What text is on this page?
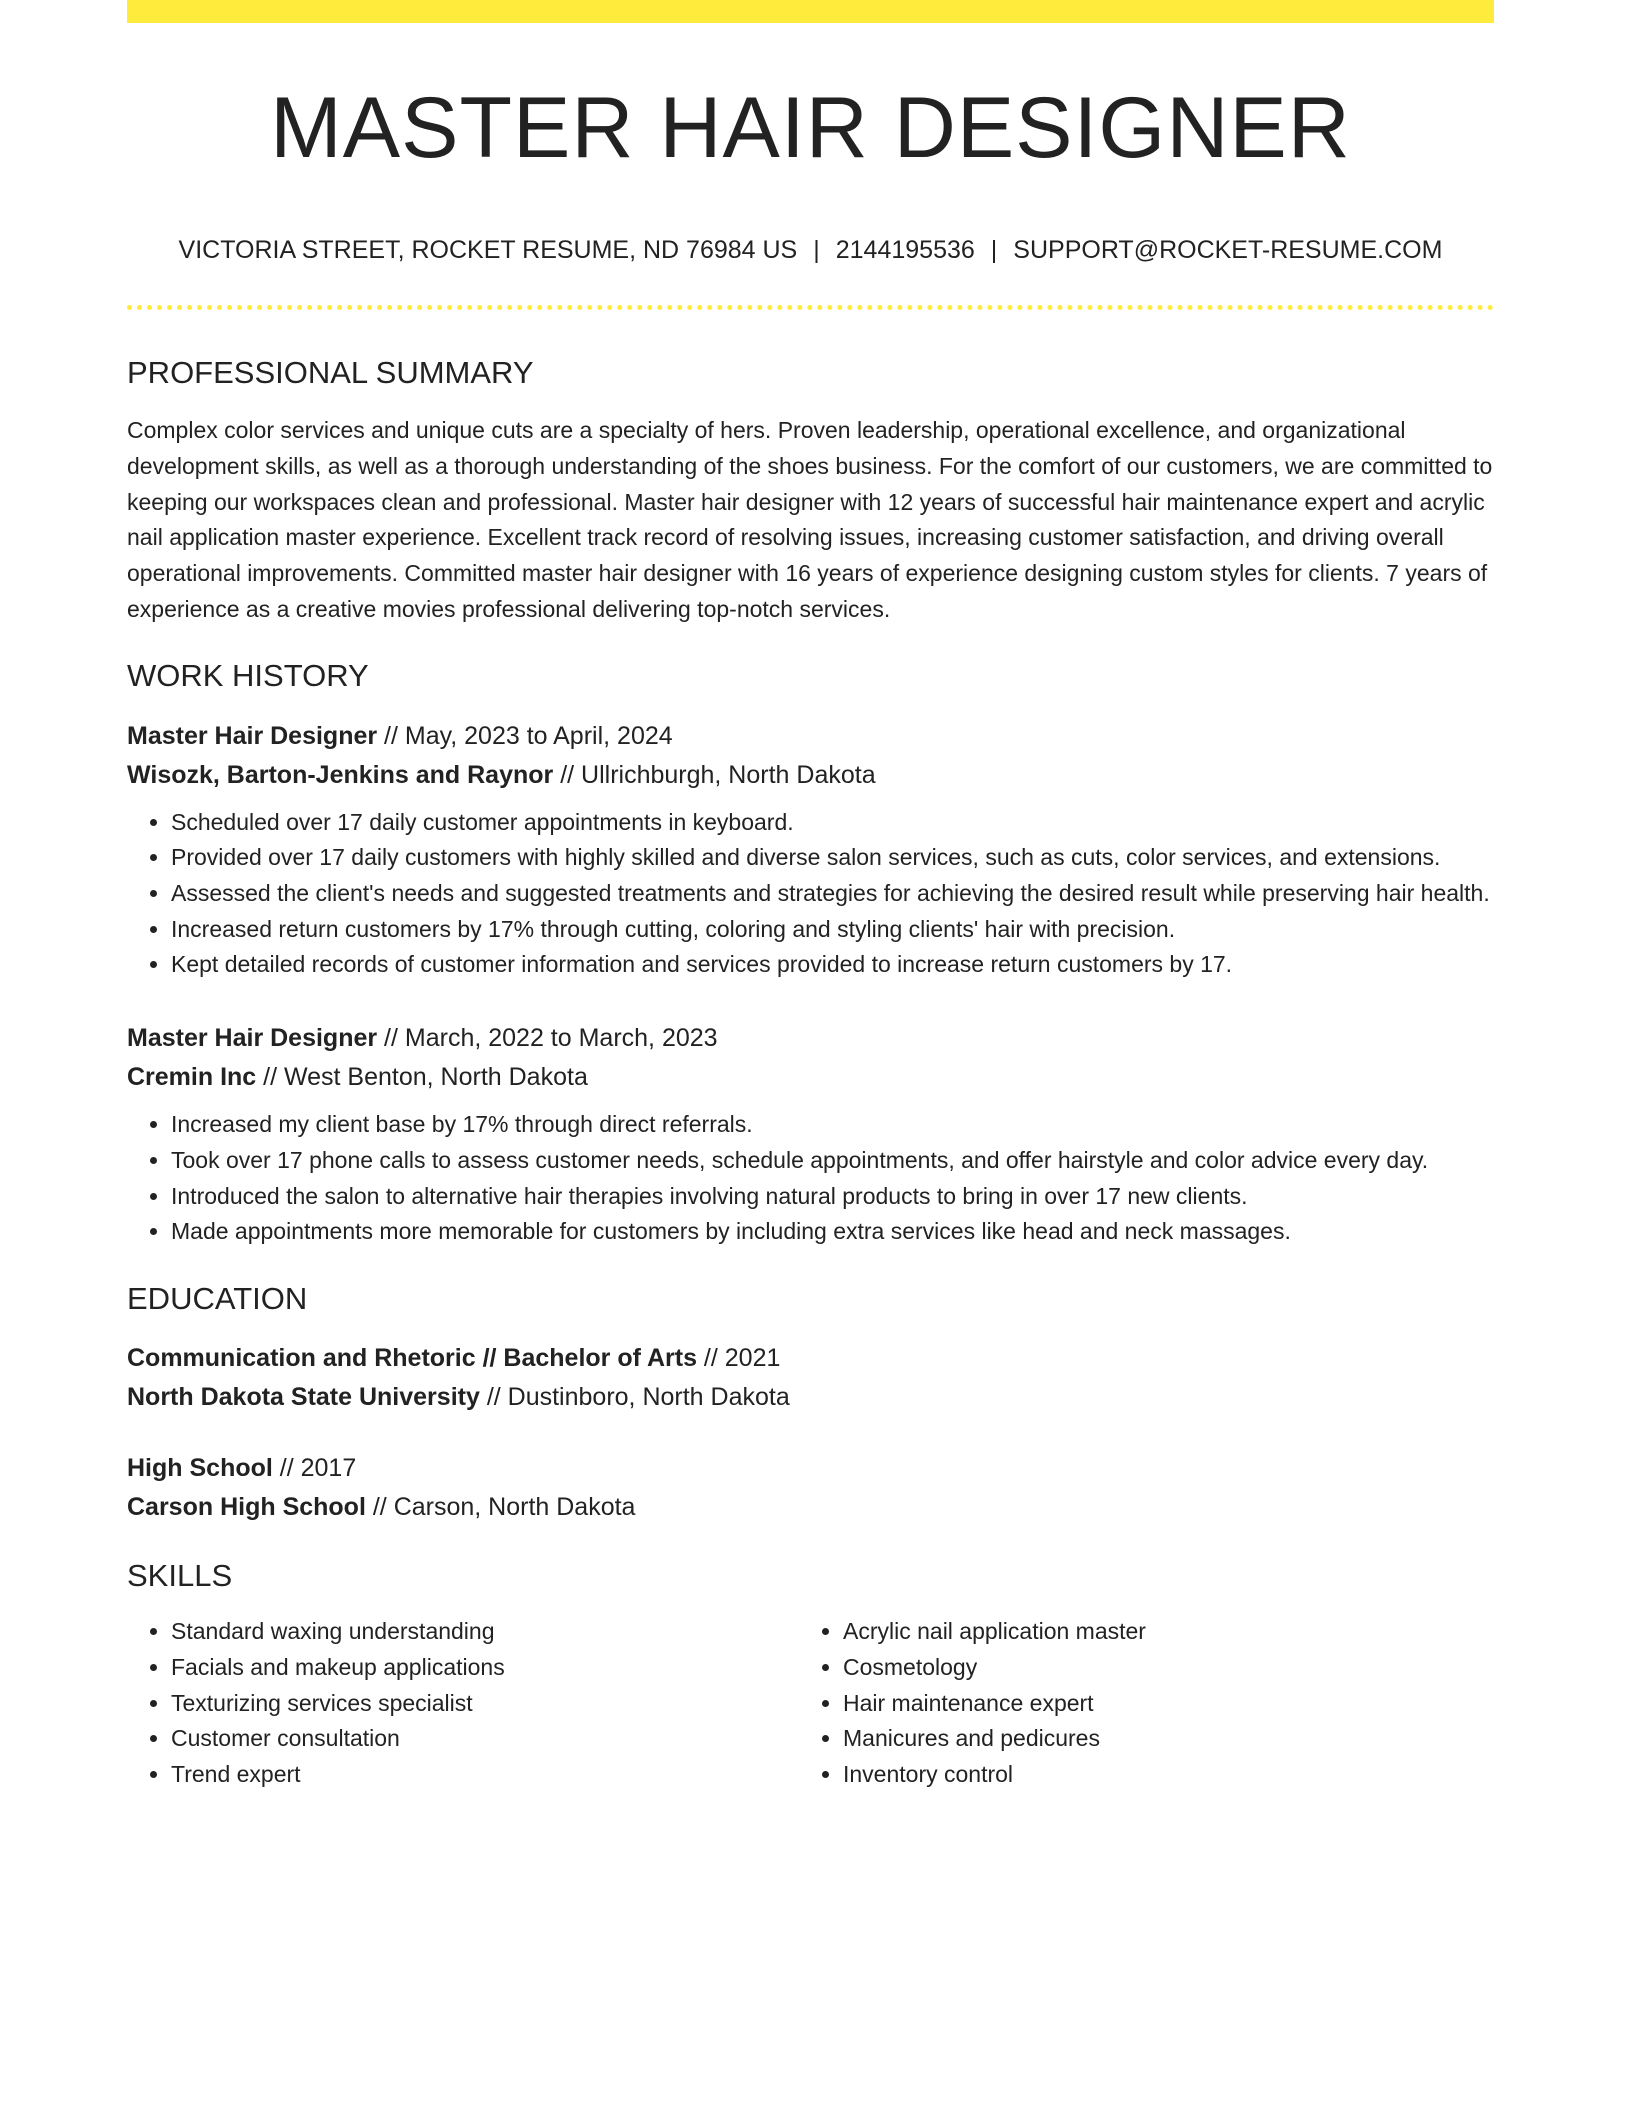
MASTER HAIR DESIGNER
VICTORIA STREET, ROCKET RESUME, ND 76984 US | 2144195536 | SUPPORT@ROCKET-RESUME.COM
PROFESSIONAL SUMMARY
Complex color services and unique cuts are a specialty of hers. Proven leadership, operational excellence, and organizational development skills, as well as a thorough understanding of the shoes business. For the comfort of our customers, we are committed to keeping our workspaces clean and professional. Master hair designer with 12 years of successful hair maintenance expert and acrylic nail application master experience. Excellent track record of resolving issues, increasing customer satisfaction, and driving overall operational improvements. Committed master hair designer with 16 years of experience designing custom styles for clients. 7 years of experience as a creative movies professional delivering top-notch services.
WORK HISTORY
Master Hair Designer // May, 2023 to April, 2024
Wisozk, Barton-Jenkins and Raynor // Ullrichburgh, North Dakota
• Scheduled over 17 daily customer appointments in keyboard.
• Provided over 17 daily customers with highly skilled and diverse salon services, such as cuts, color services, and extensions.
• Assessed the client's needs and suggested treatments and strategies for achieving the desired result while preserving hair health.
• Increased return customers by 17% through cutting, coloring and styling clients' hair with precision.
• Kept detailed records of customer information and services provided to increase return customers by 17.
Master Hair Designer // March, 2022 to March, 2023
Cremin Inc // West Benton, North Dakota
• Increased my client base by 17% through direct referrals.
• Took over 17 phone calls to assess customer needs, schedule appointments, and offer hairstyle and color advice every day.
• Introduced the salon to alternative hair therapies involving natural products to bring in over 17 new clients.
• Made appointments more memorable for customers by including extra services like head and neck massages.
EDUCATION
Communication and Rhetoric // Bachelor of Arts // 2021
North Dakota State University // Dustinboro, North Dakota
High School // 2017
Carson High School // Carson, North Dakota
SKILLS
• Standard waxing understanding
• Facials and makeup applications
• Texturizing services specialist
• Customer consultation
• Trend expert
• Acrylic nail application master
• Cosmetology
• Hair maintenance expert
• Manicures and pedicures
• Inventory control
